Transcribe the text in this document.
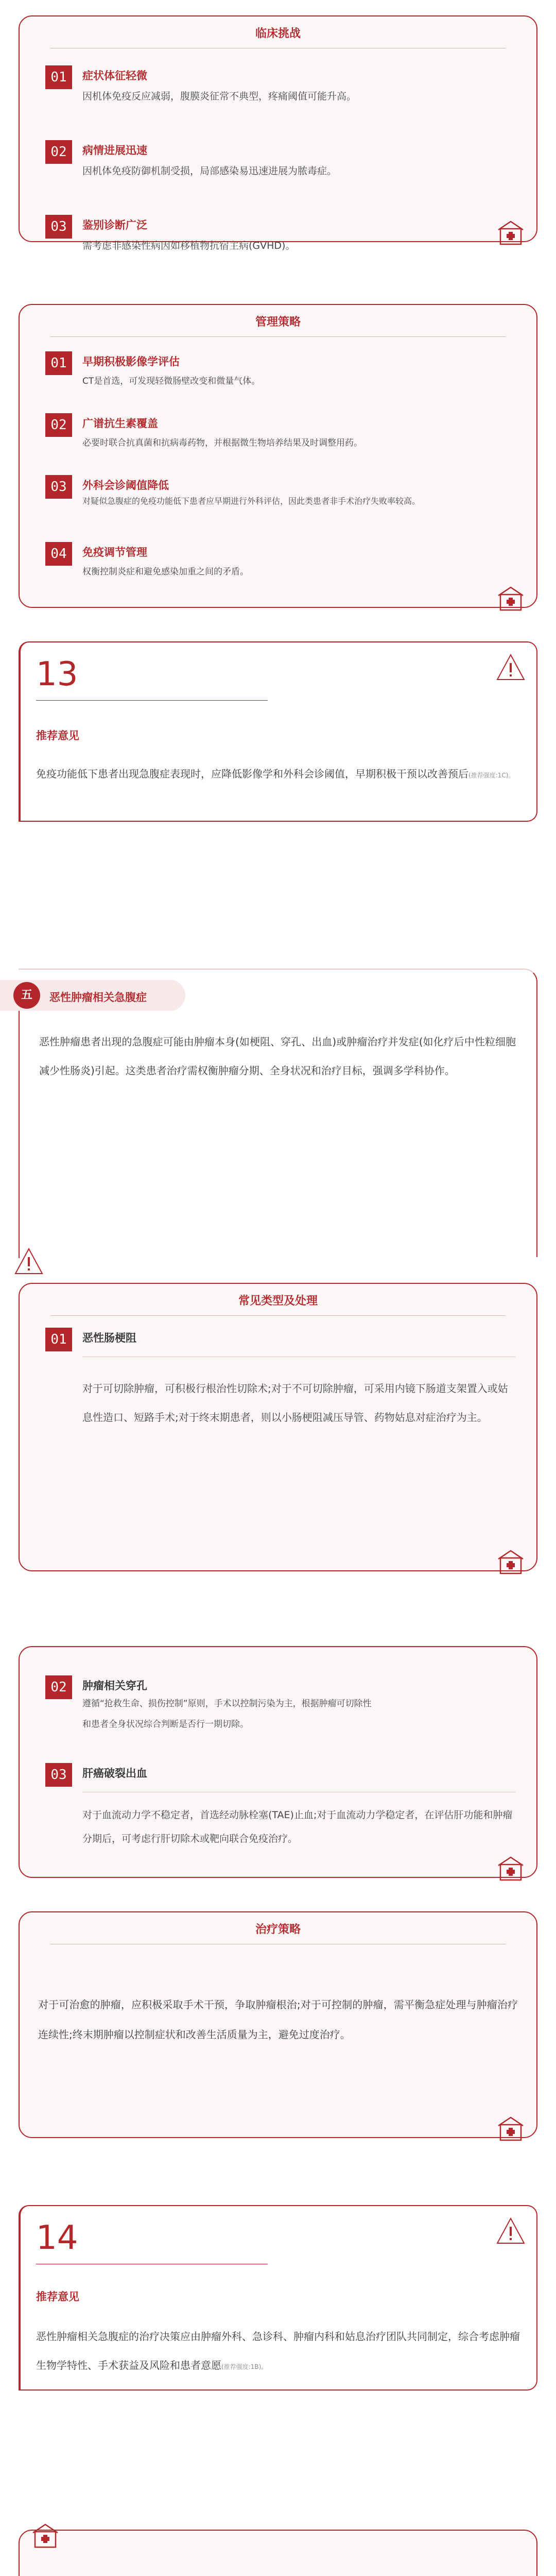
临床挑战
01	症状体征轻微
因机体免疫反应减弱，腹膜炎征常不典型，疼痛阈值可能升高。
02	病情进展迅速
因机体免疫防御机制受损，局部感染易迅速进展为脓毒症。
03	鉴别诊断广泛
需考虑非感染性病因如移植物抗宿主病(GVHD)。
管理策略
01	早期积极影像学评估
CT是首选，可发现轻微肠壁改变和微量气体。
02	广谱抗生素覆盖
必要时联合抗真菌和抗病毒药物，并根据微生物培养结果及时调整用药。
03	外科会诊阈值降低
对疑似急腹症的免疫功能低下患者应早期进行外科评估，因此类患者非手术治疗失败率较高。
04	免疫调节管理
权衡控制炎症和避免感染加重之间的矛盾。
13
推荐意见
免疫功能低下患者出现急腹症表现时，应降低影像学和外科会诊阈值，早期积极干预以改善预后(推荐强度:1C)。
五	恶性肿瘤相关急腹症
恶性肿瘤患者出现的急腹症可能由肿瘤本身(如梗阻、穿孔、出血)或肿瘤治疗并发症(如化疗后中性粒细胞减少性肠炎)引起。这类患者治疗需权衡肿瘤分期、全身状况和治疗目标，强调多学科协作。
常见类型及处理
01	恶性肠梗阻
对于可切除肿瘤，可积极行根治性切除术;对于不可切除肿瘤，可采用内镜下肠道支架置入或姑息性造口、短路手术;对于终末期患者，则以小肠梗阻减压导管、药物姑息对症治疗为主。
02	肿瘤相关穿孔
遵循“抢救生命、损伤控制”原则，手术以控制污染为主，根据肿瘤可切除性
和患者全身状况综合判断是否行一期切除。
03	肝癌破裂出血
对于血流动力学不稳定者，首选经动脉栓塞(TAE)止血;对于血流动力学稳定者，在评估肝功能和肿瘤分期后，可考虑行肝切除术或靶向联合免疫治疗。
治疗策略
对于可治愈的肿瘤，应积极采取手术干预，争取肿瘤根治;对于可控制的肿瘤，需平衡急症处理与肿瘤治疗连续性;终末期肿瘤以控制症状和改善生活质量为主，避免过度治疗。
14
推荐意见
恶性肿瘤相关急腹症的治疗决策应由肿瘤外科、急诊科、肿瘤内科和姑息治疗团队共同制定，综合考虑肿瘤生物学特性、手术获益及风险和患者意愿(推荐强度:1B)。
